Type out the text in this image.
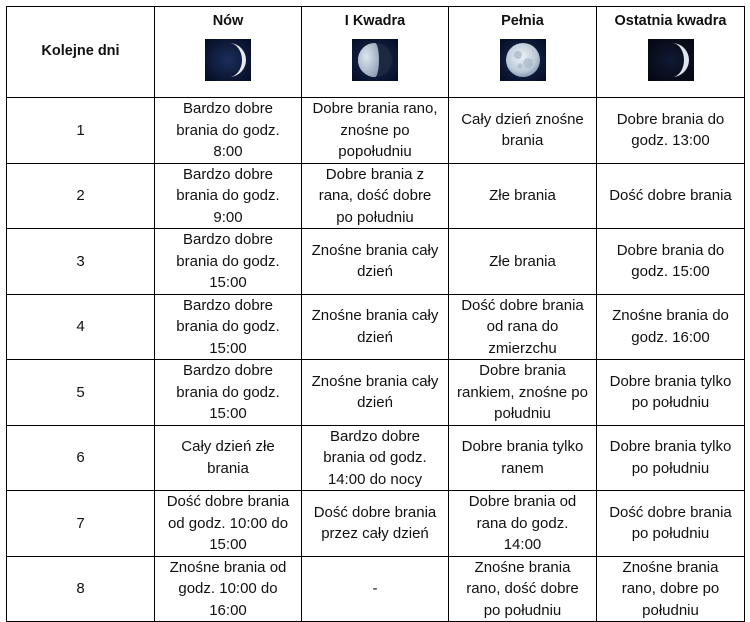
Kolejne dni	Nów	I Kwadra	Pełnia	Ostatnia kwadra

1	Bardzo dobre brania do godz. 8:00	Dobre brania rano, znośne po popołudniu	Cały dzień znośne brania	Dobre brania do godz. 13:00
2	Bardzo dobre brania do godz. 9:00	Dobre brania z rana, dość dobre po południu	Złe brania	Dość dobre brania
3	Bardzo dobre brania do godz. 15:00	Znośne brania cały dzień	Złe brania	Dobre brania do godz. 15:00
4	Bardzo dobre brania do godz. 15:00	Znośne brania cały dzień	Dość dobre brania od rana do zmierzchu	Znośne brania do godz. 16:00
5	Bardzo dobre brania do godz. 15:00	Znośne brania cały dzień	Dobre brania rankiem, znośne po południu	Dobre brania tylko po południu
6	Cały dzień złe brania	Bardzo dobre brania od godz. 14:00 do nocy	Dobre brania tylko ranem	Dobre brania tylko po południu
7	Dość dobre brania od godz. 10:00 do 15:00	Dość dobre brania przez cały dzień	Dobre brania od rana do godz. 14:00	Dość dobre brania po południu
8	Znośne brania od godz. 10:00 do 16:00	-	Znośne brania rano, dość dobre po południu	Znośne brania rano, dobre po południu
